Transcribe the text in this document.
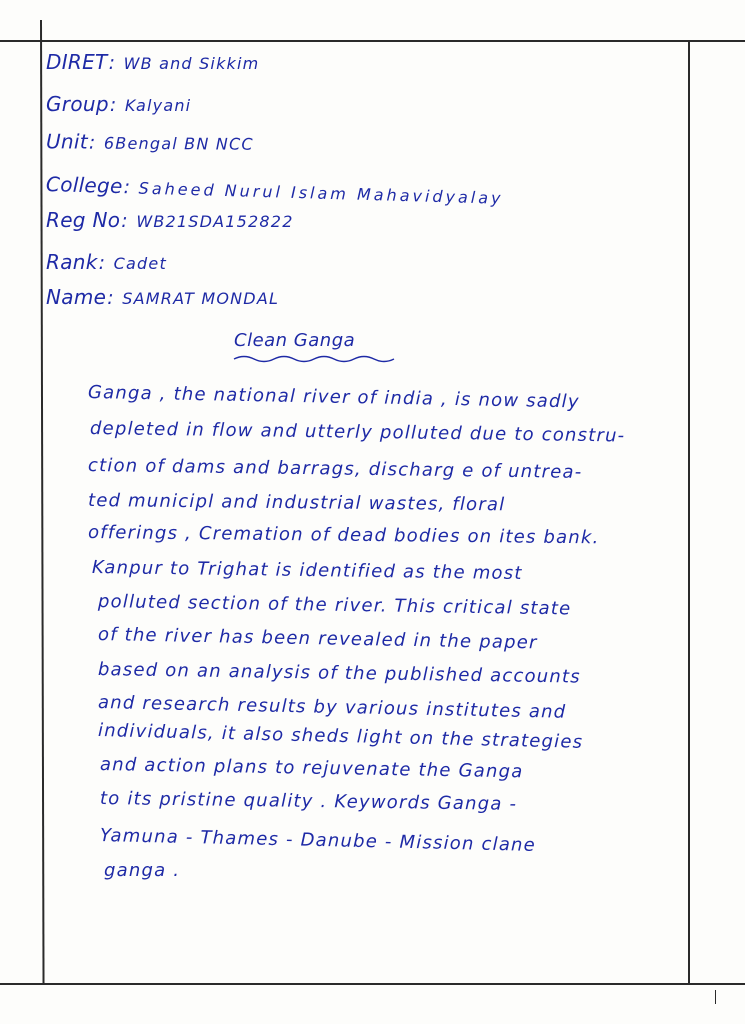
DIRET: WB and Sikkim
Group: Kalyani
Unit: 6Bengal BN NCC
College: Saheed Nurul Islam Mahavidyalay
Reg No: WB21SDA152822
Rank: Cadet
Name: SAMRAT MONDAL
Clean Ganga
Ganga , the national river of india , is now sadly
depleted in flow and utterly polluted due to constru-
ction of dams and barrags, discharg e of untrea-
ted municipl and industrial wastes, floral
offerings , Cremation of dead bodies on ites bank.
Kanpur to Trighat is identified as the most
polluted section of the river. This critical state
of the river has been revealed in the paper
based on an analysis of the published accounts
and research results by various institutes and
individuals, it also sheds light on the strategies
and action plans to rejuvenate the Ganga
to its pristine quality . Keywords Ganga -
Yamuna - Thames - Danube - Mission clane
ganga .
